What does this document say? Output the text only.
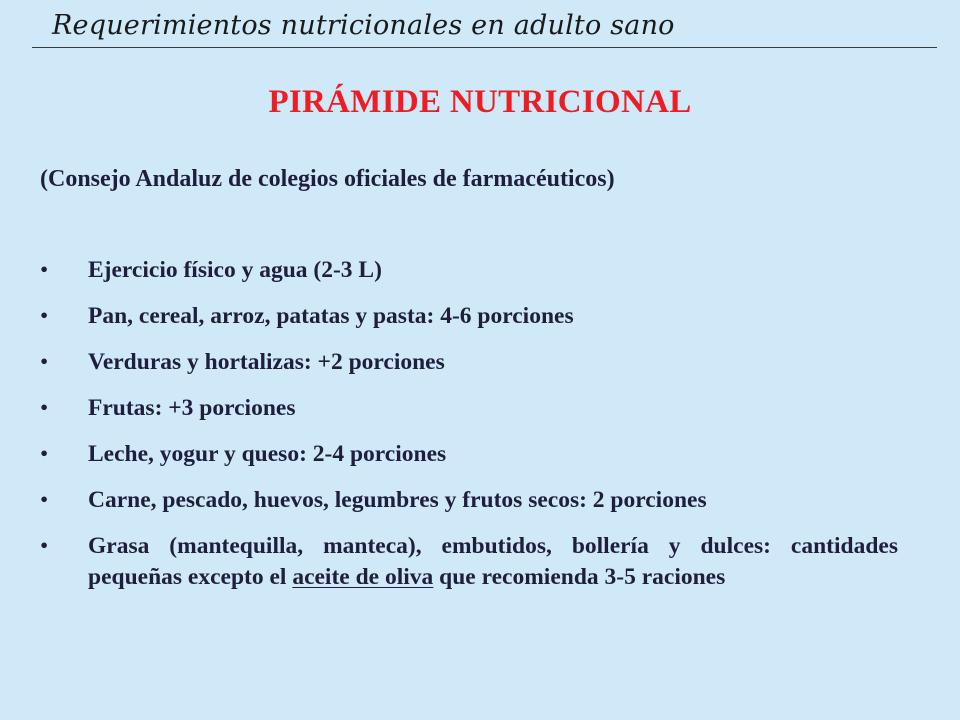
Requerimientos nutricionales en adulto sano
PIRÁMIDE NUTRICIONAL
(Consejo Andaluz de colegios oficiales de farmacéuticos)
• Ejercicio físico y agua (2-3 L)
• Pan, cereal, arroz, patatas y pasta: 4-6 porciones
• Verduras y hortalizas: +2 porciones
• Frutas: +3 porciones
• Leche, yogur y queso: 2-4 porciones
• Carne, pescado, huevos, legumbres y frutos secos: 2 porciones
• Grasa (mantequilla, manteca), embutidos, bollería y dulces: cantidades pequeñas excepto el aceite de oliva que recomienda 3-5 raciones
